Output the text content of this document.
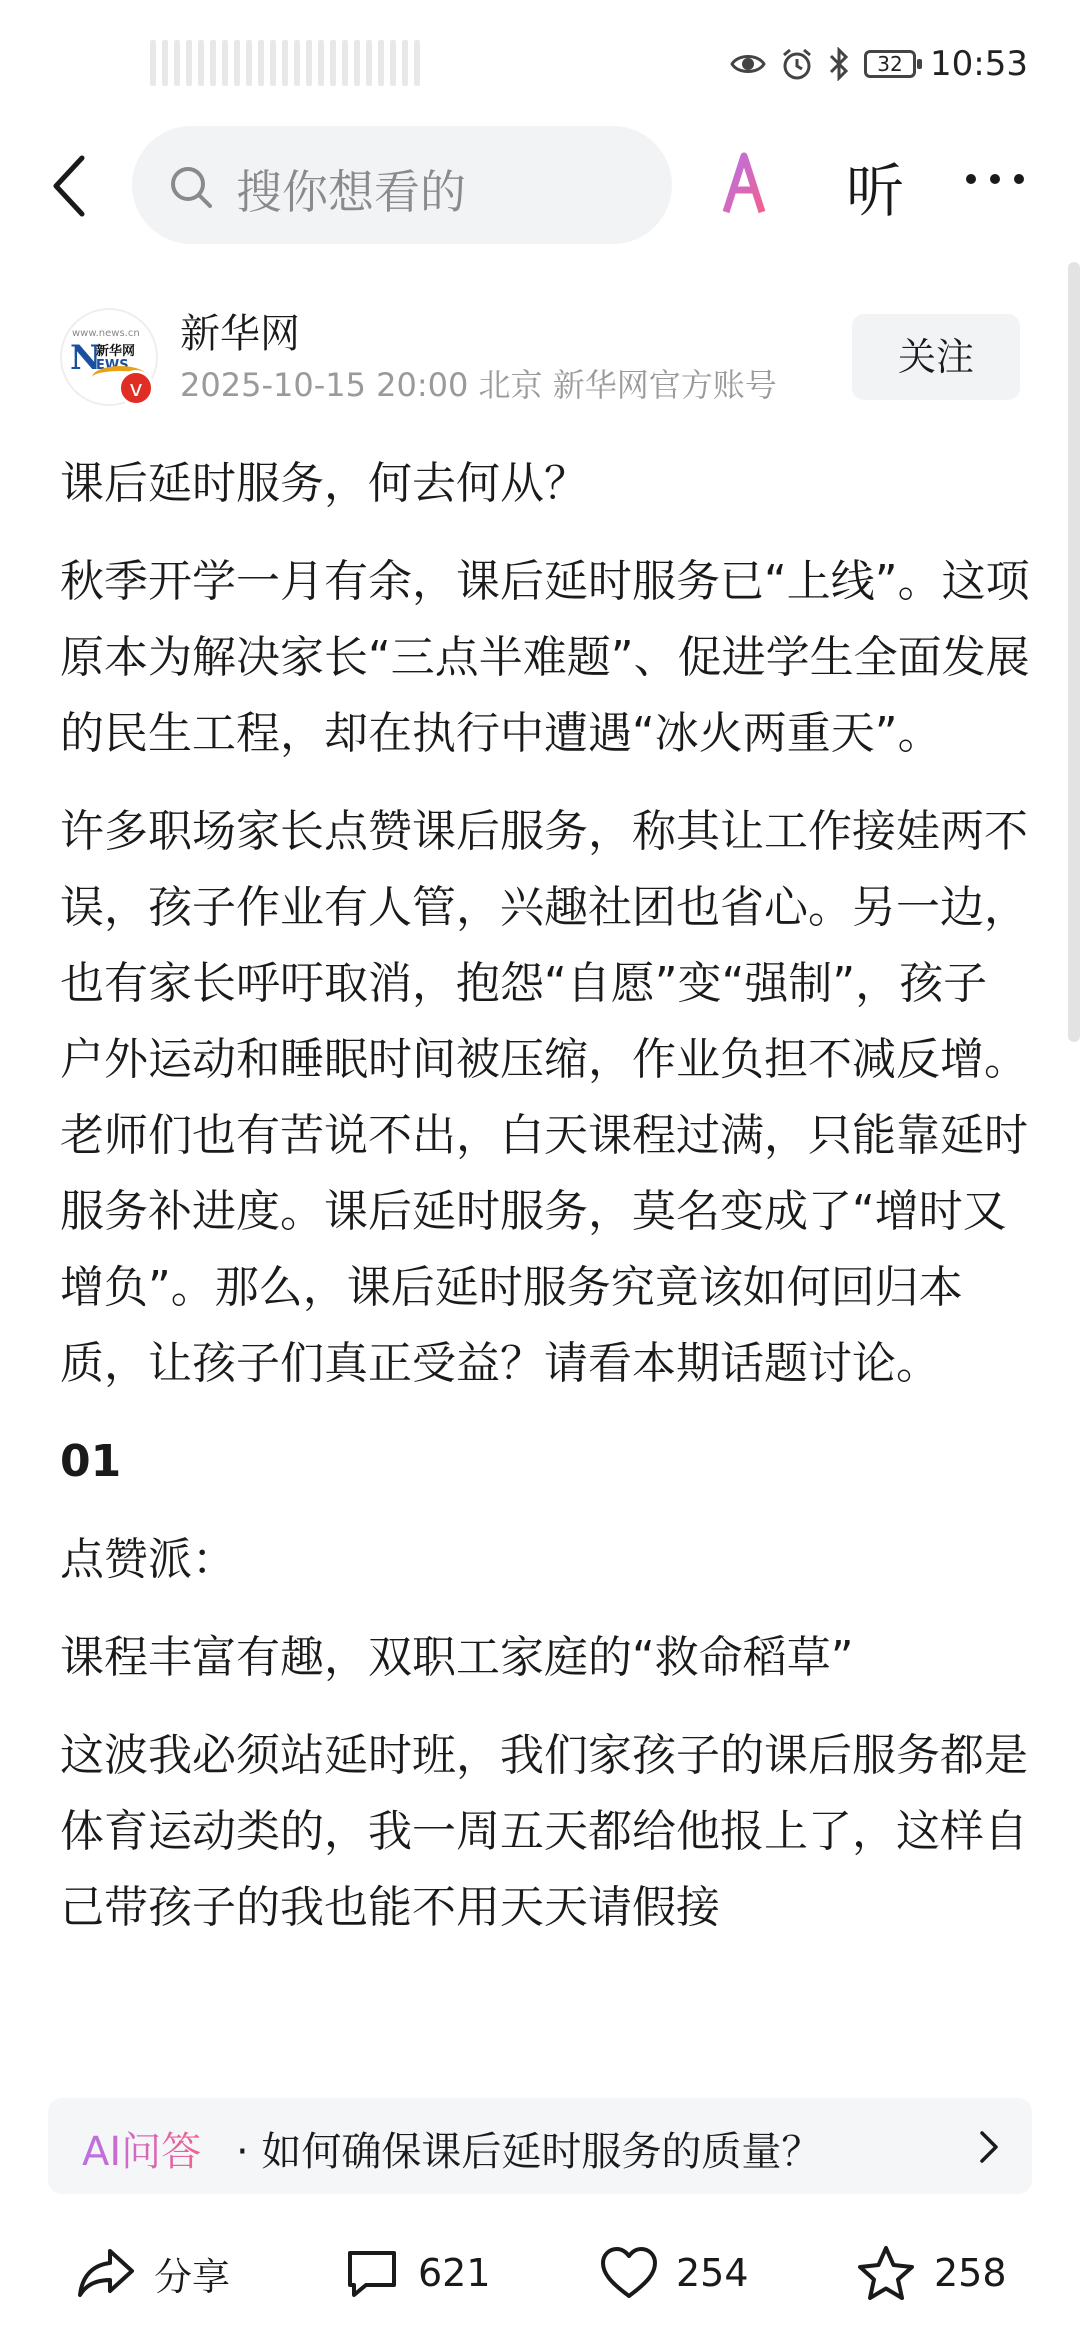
32 10:53
搜你想看的	听
www.news.cn
N
新华网
EWS
v
新华网
2025-10-15 20:00 北京 新华网官方账号
关注

课后延时服务，何去何从？

秋季开学一月有余，课后延时服务已“上线”。这项原本为解决家长“三点半难题”、促进学生全面发展的民生工程，却在执行中遭遇“冰火两重天”。

许多职场家长点赞课后服务，称其让工作接娃两不误，孩子作业有人管，兴趣社团也省心。另一边，也有家长呼吁取消，抱怨“自愿”变“强制”，孩子户外运动和睡眠时间被压缩，作业负担不减反增。老师们也有苦说不出，白天课程过满，只能靠延时服务补进度。课后延时服务，莫名变成了“增时又增负”。那么，课后延时服务究竟该如何回归本质，让孩子们真正受益？请看本期话题讨论。

01

点赞派：

课程丰富有趣，双职工家庭的“救命稻草”

这波我必须站延时班，我们家孩子的课后服务都是体育运动类的，我一周五天都给他报上了，这样自己带孩子的我也能不用天天请假接

AI问答 · 如何确保课后延时服务的质量？
分享	621	254	258
